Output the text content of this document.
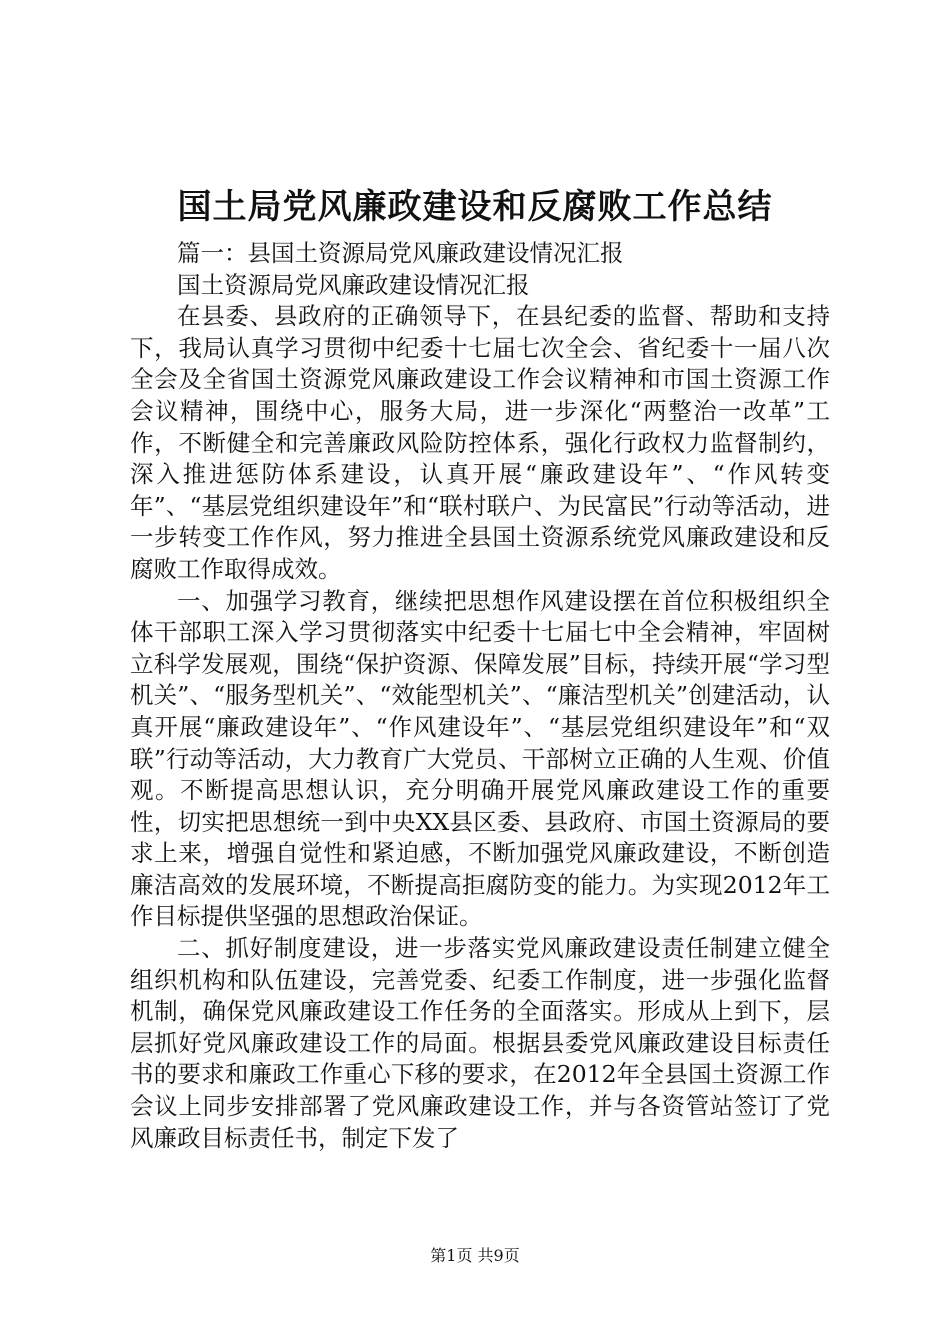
国土局党风廉政建设和反腐败工作总结

篇一：县国土资源局党风廉政建设情况汇报

国土资源局党风廉政建设情况汇报

在县委、县政府的正确领导下，在县纪委的监督、帮助和支持下，我局认真学习贯彻中纪委十七届七次全会、省纪委十一届八次全会及全省国土资源党风廉政建设工作会议精神和市国土资源工作会议精神，围绕中心，服务大局，进一步深化“两整治一改革”工作，不断健全和完善廉政风险防控体系，强化行政权力监督制约，深入推进惩防体系建设，认真开展“廉政建设年”、“作风转变年”、“基层党组织建设年”和“联村联户、为民富民”行动等活动，进一步转变工作作风，努力推进全县国土资源系统党风廉政建设和反腐败工作取得成效。

一、加强学习教育，继续把思想作风建设摆在首位积极组织全体干部职工深入学习贯彻落实中纪委十七届七中全会精神，牢固树立科学发展观，围绕“保护资源、保障发展”目标，持续开展“学习型机关”、“服务型机关”、“效能型机关”、“廉洁型机关”创建活动，认真开展“廉政建设年”、“作风建设年”、“基层党组织建设年”和“双联”行动等活动，大力教育广大党员、干部树立正确的人生观、价值观。不断提高思想认识，充分明确开展党风廉政建设工作的重要性，切实把思想统一到中央XX县区委、县政府、市国土资源局的要求上来，增强自觉性和紧迫感，不断加强党风廉政建设，不断创造廉洁高效的发展环境，不断提高拒腐防变的能力。为实现2012年工作目标提供坚强的思想政治保证。

二、抓好制度建设，进一步落实党风廉政建设责任制建立健全组织机构和队伍建设，完善党委、纪委工作制度，进一步强化监督机制，确保党风廉政建设工作任务的全面落实。形成从上到下，层层抓好党风廉政建设工作的局面。根据县委党风廉政建设目标责任书的要求和廉政工作重心下移的要求，在2012年全县国土资源工作会议上同步安排部署了党风廉政建设工作，并与各资管站签订了党风廉政目标责任书，制定下发了

第1页 共9页
